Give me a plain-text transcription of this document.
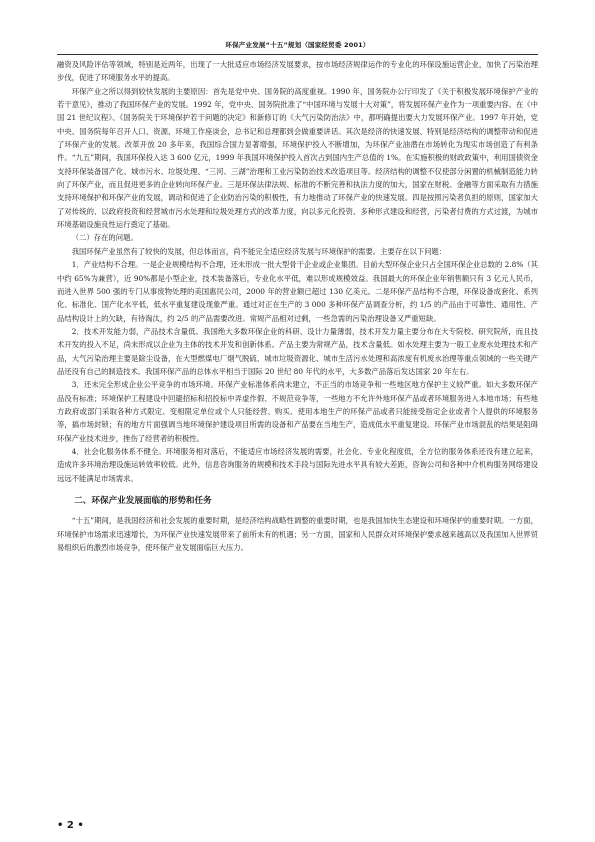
环保产业发展“十五”规划（国家经贸委 2001）

融资及风险评估等领域，特别是近两年，出现了一大批适应市场经济发展要求，按市场经济规律运作的专业化的环保设施运营企业，加快了污染治理步伐，促进了环境服务水平的提高。

环保产业之所以得到较快发展的主要原因：首先是党中央、国务院的高度重视。1990 年，国务院办公厅印发了《关于积极发展环境保护产业的若干意见》，推动了我国环保产业的发展。1992 年，党中央、国务院批准了“中国环境与发展十大对策”，将发展环保产业作为一项重要内容。在《中国 21 世纪议程》、《国务院关于环境保护若干问题的决定》和新修订的《大气污染防治法》中，都明确提出要大力发展环保产业。1997 年开始，党中央、国务院每年召开人口、资源、环境工作座谈会，总书记和总理都到会做重要讲话。其次是经济的快速发展、特别是经济结构的调整带动和促进了环保产业的发展。改革开放 20 多年来，我国综合国力显著增强，环境保护投入不断增加，为环保产业油潜在市场转化为现实市场创造了有利条件。“九五”期间，我国环保投入达 3 600 亿元，1999 年我国环境保护投入首次占到国内生产总值的 1%。在实施积极的财政政策中，利用国债资金支持环保装备国产化、城市污水、垃圾处理、“三河、三湖”治理和工业污染防治技术改造项目等。经济结构的调整不仅使部分闲置的机械制造能力转向了环保产业，而且促进更多的企业转向环保产业。三是环保法律法规、标准的不断完善和执法力度的加大，国家在财税、金融等方面采取有力措施支持环境保护和环保产业的发展，调动和促进了企业防治污染的积极性，有力地推动了环保产业的快速发展。四是按照污染者负担的原则，国家加大了对传统的、以政府投资和经营城市污水处理和垃圾处理方式的改革力度，向以多元化投资、多种形式建设和经营，污染者付费的方式过渡，为城市环境基础设施良性运行奠定了基础。

（二）存在的问题。

我国环保产业虽然有了较快的发展，但总体而言，尚不能完全适应经济发展与环境保护的需要。主要存在以下问题：

1．产业结构不合理。一是企业规模结构不合理，还未形成一批大型骨干企业或企业集团。目前大型环保企业只占全国环保企业总数的 2.8%（其中约 65%为兼营），近 90%都是小型企业，技术装备落后，专业化水平低，难以形成规模效益。我国最大的环保企业年销售额只有 3 亿元人民币，而进入世界 500 强的专门从事废物处理的美国惠民公司，2000 年的营业额已超过 130 亿美元。二是环保产品结构不合理，环保设备成套化、系列化、标准化、国产化水平低，低水平重复建设现象严重。通过对正在生产的 3 000 多种环保产品调查分析，约 1/5 的产品由于可靠性、通用性、产品结构设计上的欠缺，有待淘汰，约 2/5 的产品需要改进。常规产品相对过剩，一些急需的污染治理设备又严重短缺。

2．技术开发能力弱，产品技术含量低。我国绝大多数环保企业的科研、设计力量薄弱，技术开发力量主要分布在大专院校、研究院所，而且技术开发的投入不足，尚未形成以企业为主体的技术开发和创新体系。产品主要为常规产品，技术含量低。如水处理主要为一般工业废水处理技术和产品，大气污染治理主要是除尘设备，在大型燃煤电厂烟气脱硫、城市垃圾资源化、城市生活污水处理和高浓度有机废水治理等重点领域的一些关键产品还没有自己的制造技术。我国环保产品的总体水平相当于国际 20 世纪 80 年代的水平，大多数产品落后发达国家 20 年左右。

3．还未完全形成企业公平竞争的市场环境。环保产业标准体系尚未建立，不正当的市场竞争和一些地区地方保护主义较严重。如大多数环保产品没有标准；环境保护工程建设中回避招标和招投标中弄虚作假、不规范竞争等，一些地方不允许外地环保产品或者环境服务进入本地市场；有些地方政府或部门采取各种方式限定、变相限定单位或个人只能经营、购买、使用本地生产的环保产品或者只能接受指定企业或者个人提供的环境服务等，搞市场封锁；有的地方片面强调当地环境保护建设项目所需的设备和产品要在当地生产，造成低水平重复建设。环保产业市场混乱的结果是阻碍环保产业技术进步，挫伤了经营者的积极性。

4．社会化服务体系不健全。环境服务相对落后，不能适应市场经济发展的需要，社会化、专业化程度低，全方位的服务体系还没有建立起来，造成许多环境治理设施运转效率较低。此外，信息咨询服务的规模和技术手段与国际先进水平具有较大差距，咨询公司和各种中介机构服务网络建设远远不能满足市场需求。

二、环保产业发展面临的形势和任务

“十五”期间，是我国经济和社会发展的重要时期，是经济结构战略性调整的重要时期，也是我国加快生态建设和环境保护的重要时期。一方面，环境保护市场需求迅速增长，为环保产业快速发展带来了前所未有的机遇；另一方面，国家和人民群众对环境保护要求越来越高以及我国加入世界贸易组织后的激烈市场竞争，使环保产业发展面临巨大压力。

• 2 •
